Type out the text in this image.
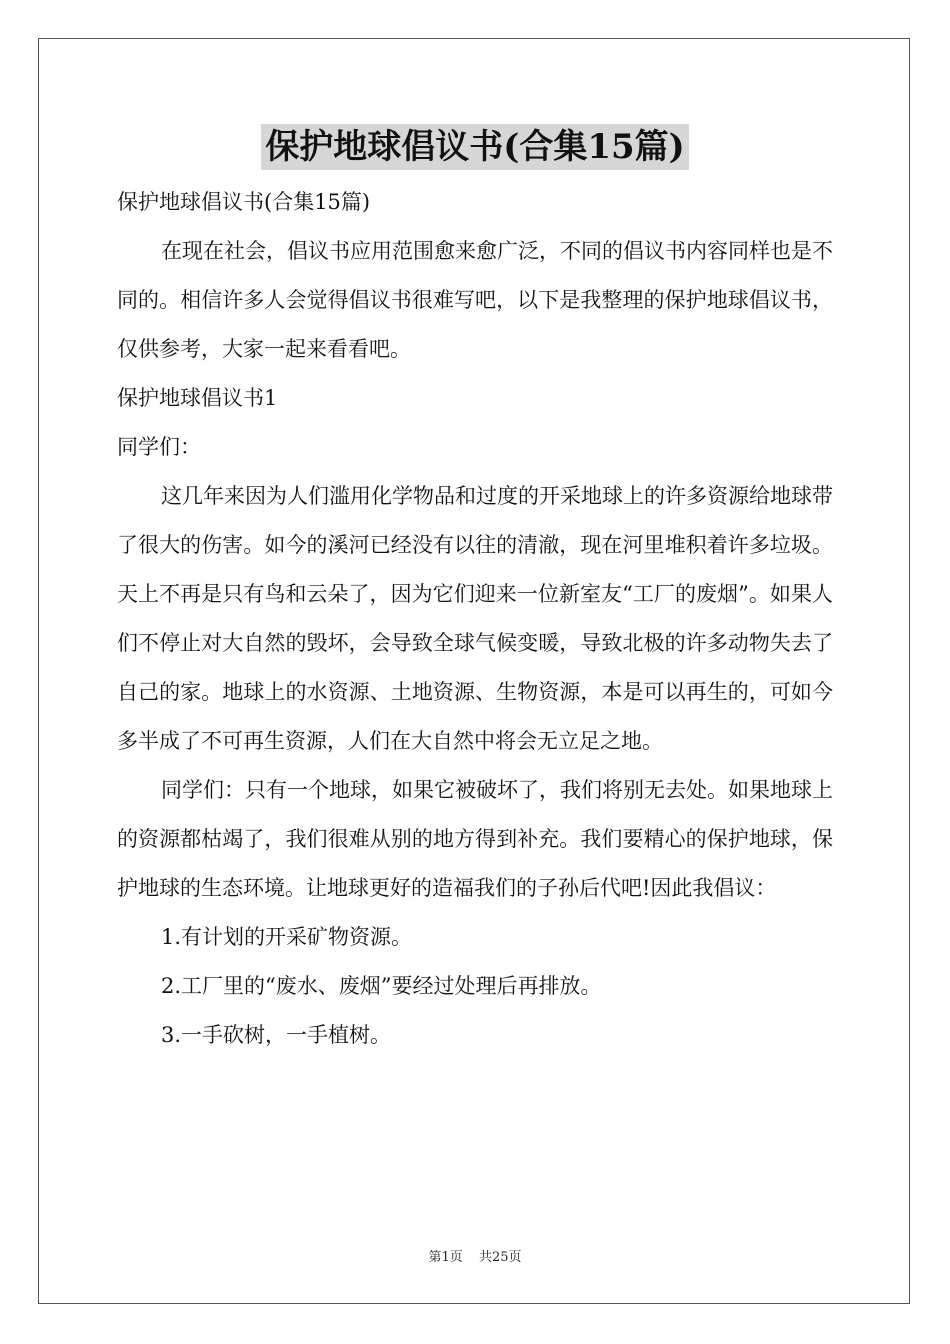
保护地球倡议书(合集15篇)

保护地球倡议书(合集15篇)

在现在社会，倡议书应用范围愈来愈广泛，不同的倡议书内容同样也是不同的。相信许多人会觉得倡议书很难写吧，以下是我整理的保护地球倡议书，仅供参考，大家一起来看看吧。

保护地球倡议书1

同学们：

这几年来因为人们滥用化学物品和过度的开采地球上的许多资源给地球带了很大的伤害。如今的溪河已经没有以往的清澈，现在河里堆积着许多垃圾。天上不再是只有鸟和云朵了，因为它们迎来一位新室友“工厂的废烟”。如果人们不停止对大自然的毁坏，会导致全球气候变暖，导致北极的许多动物失去了自己的家。地球上的水资源、土地资源、生物资源，本是可以再生的，可如今多半成了不可再生资源，人们在大自然中将会无立足之地。

同学们：只有一个地球，如果它被破坏了，我们将别无去处。如果地球上的资源都枯竭了，我们很难从别的地方得到补充。我们要精心的保护地球，保护地球的生态环境。让地球更好的造福我们的子孙后代吧!因此我倡议：

1.有计划的开采矿物资源。

2.工厂里的“废水、废烟”要经过处理后再排放。

3.一手砍树，一手植树。

第1页 共25页
